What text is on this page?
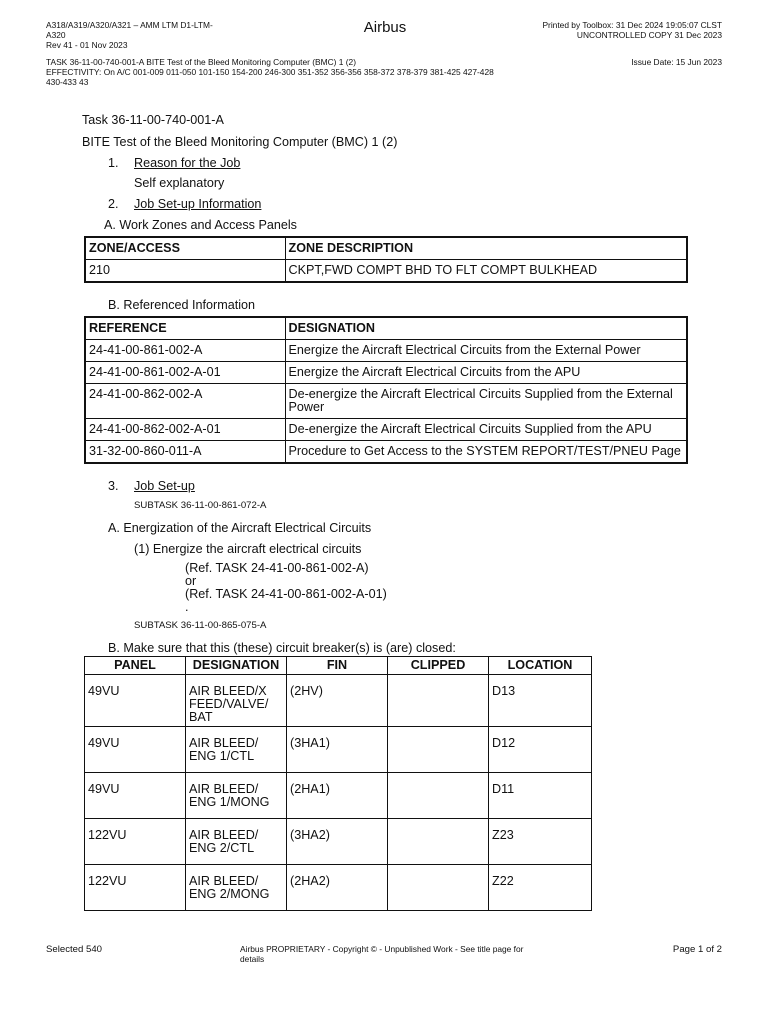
A318/A319/A320/A321 – AMM LTM D1-LTM-
A320
Rev 41 - 01 Nov 2023
Airbus	Printed by Toolbox: 31 Dec 2024 19:05:07 CLST
UNCONTROLLED COPY 31 Dec 2023
TASK 36-11-00-740-001-A BITE Test of the Bleed Monitoring Computer (BMC) 1 (2)
EFFECTIVITY: On A/C 001-009 011-050 101-150 154-200 246-300 351-352 356-356 358-372 378-379 381-425 427-428
430-433 43
Issue Date: 15 Jun 2023
Task 36-11-00-740-001-A
BITE Test of the Bleed Monitoring Computer (BMC) 1 (2)
1. Reason for the Job
Self explanatory
2. Job Set-up Information
A. Work Zones and Access Panels
ZONE/ACCESS	ZONE DESCRIPTION
210	CKPT,FWD COMPT BHD TO FLT COMPT BULKHEAD
B. Referenced Information
REFERENCE	DESIGNATION
24-41-00-861-002-A	Energize the Aircraft Electrical Circuits from the External Power
24-41-00-861-002-A-01	Energize the Aircraft Electrical Circuits from the APU
24-41-00-862-002-A	De-energize the Aircraft Electrical Circuits Supplied from the External Power
24-41-00-862-002-A-01	De-energize the Aircraft Electrical Circuits Supplied from the APU
31-32-00-860-011-A	Procedure to Get Access to the SYSTEM REPORT/TEST/PNEU Page
3. Job Set-up
SUBTASK 36-11-00-861-072-A
A. Energization of the Aircraft Electrical Circuits
(1) Energize the aircraft electrical circuits
(Ref. TASK 24-41-00-861-002-A)
or
(Ref. TASK 24-41-00-861-002-A-01)
.
SUBTASK 36-11-00-865-075-A
B. Make sure that this (these) circuit breaker(s) is (are) closed:
PANEL	DESIGNATION	FIN	CLIPPED	LOCATION
49VU	AIR BLEED/X FEED/VALVE/ BAT	(2HV)		D13
49VU	AIR BLEED/ ENG 1/CTL	(3HA1)		D12
49VU	AIR BLEED/ ENG 1/MONG	(2HA1)		D11
122VU	AIR BLEED/ ENG 2/CTL	(3HA2)		Z23
122VU	AIR BLEED/ ENG 2/MONG	(2HA2)		Z22
Selected 540	Airbus PROPRIETARY - Copyright © - Unpublished Work - See title page for details
Page 1 of 2
